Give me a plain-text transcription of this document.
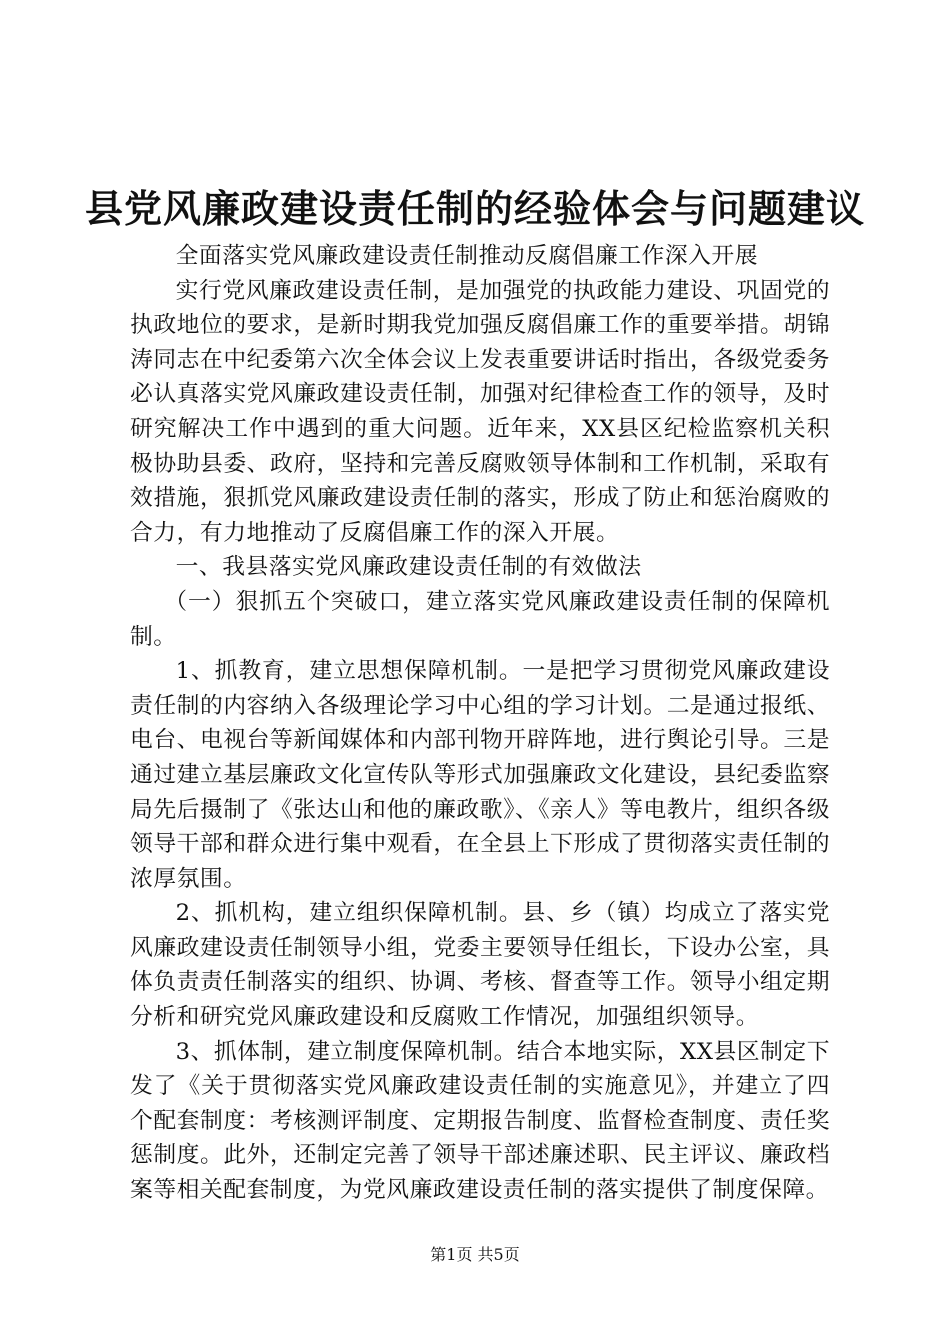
县党风廉政建设责任制的经验体会与问题建议

全面落实党风廉政建设责任制推动反腐倡廉工作深入开展

实行党风廉政建设责任制，是加强党的执政能力建设、巩固党的执政地位的要求，是新时期我党加强反腐倡廉工作的重要举措。胡锦涛同志在中纪委第六次全体会议上发表重要讲话时指出，各级党委务必认真落实党风廉政建设责任制，加强对纪律检查工作的领导，及时研究解决工作中遇到的重大问题。近年来，XX县区纪检监察机关积极协助县委、政府，坚持和完善反腐败领导体制和工作机制，采取有效措施，狠抓党风廉政建设责任制的落实，形成了防止和惩治腐败的合力，有力地推动了反腐倡廉工作的深入开展。

一、我县落实党风廉政建设责任制的有效做法

（一）狠抓五个突破口，建立落实党风廉政建设责任制的保障机制。

1、抓教育，建立思想保障机制。一是把学习贯彻党风廉政建设责任制的内容纳入各级理论学习中心组的学习计划。二是通过报纸、电台、电视台等新闻媒体和内部刊物开辟阵地，进行舆论引导。三是通过建立基层廉政文化宣传队等形式加强廉政文化建设，县纪委监察局先后摄制了《张达山和他的廉政歌》、《亲人》等电教片，组织各级领导干部和群众进行集中观看，在全县上下形成了贯彻落实责任制的浓厚氛围。

2、抓机构，建立组织保障机制。县、乡（镇）均成立了落实党风廉政建设责任制领导小组，党委主要领导任组长，下设办公室，具体负责责任制落实的组织、协调、考核、督查等工作。领导小组定期分析和研究党风廉政建设和反腐败工作情况，加强组织领导。

3、抓体制，建立制度保障机制。结合本地实际，XX县区制定下发了《关于贯彻落实党风廉政建设责任制的实施意见》，并建立了四个配套制度：考核测评制度、定期报告制度、监督检查制度、责任奖惩制度。此外，还制定完善了领导干部述廉述职、民主评议、廉政档案等相关配套制度，为党风廉政建设责任制的落实提供了制度保障。

第1页 共5页
